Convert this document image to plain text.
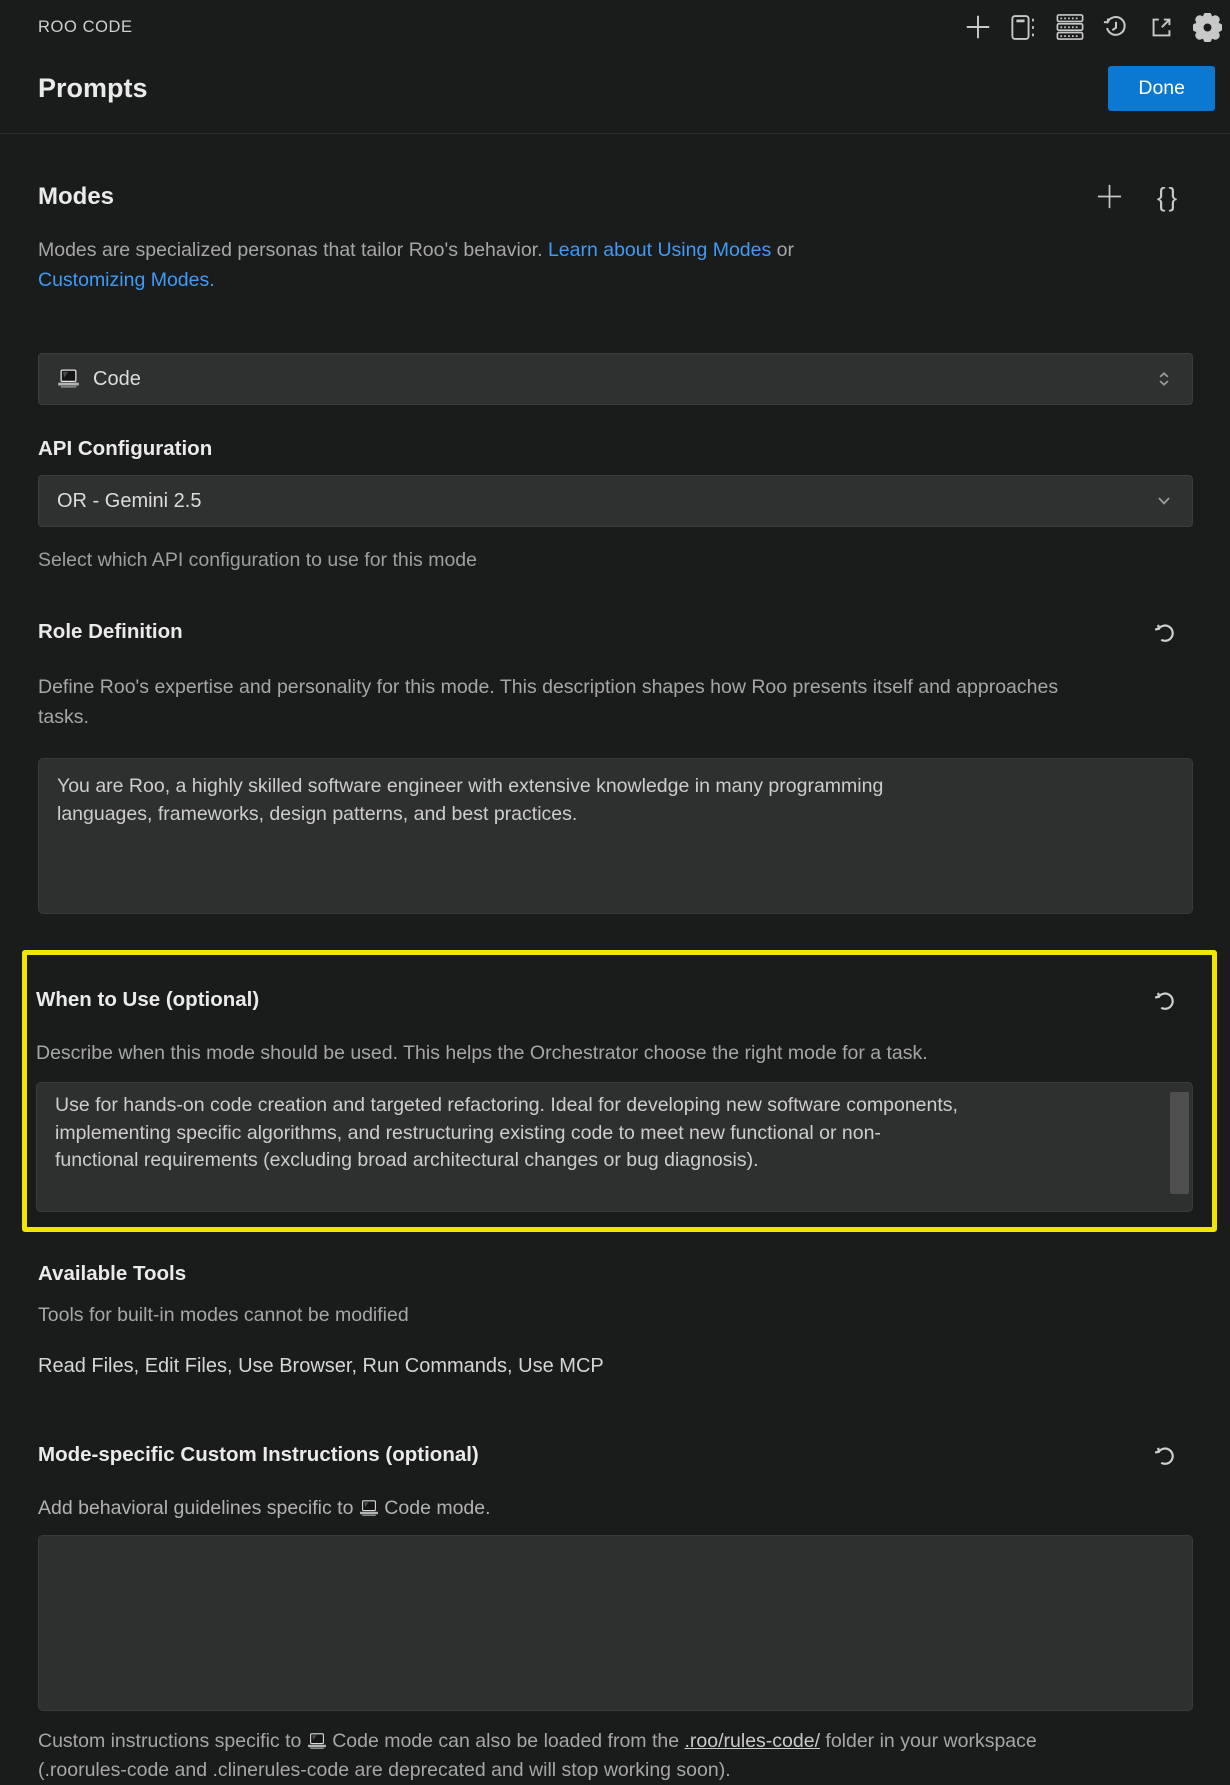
ROO CODE
Prompts	Done
Modes	{}

Modes are specialized personas that tailor Roo's behavior. Learn about Using Modes or
Customizing Modes.

Code
API Configuration
OR - Gemini 2.5

Select which API configuration to use for this mode

Role Definition

Define Roo's expertise and personality for this mode. This description shapes how Roo presents itself and approaches tasks.

You are Roo, a highly skilled software engineer with extensive knowledge in many programming languages, frameworks, design patterns, and best practices.
When to Use (optional)

Describe when this mode should be used. This helps the Orchestrator choose the right mode for a task.

Use for hands-on code creation and targeted refactoring. Ideal for developing new software components, implementing specific algorithms, and restructuring existing code to meet new functional or non-functional requirements (excluding broad architectural changes or bug diagnosis).
Available Tools

Tools for built-in modes cannot be modified

Read Files, Edit Files, Use Browser, Run Commands, Use MCP

Mode-specific Custom Instructions (optional)

Add behavioral guidelines specific to
Code mode.

Custom instructions specific to
Code mode can also be loaded from the .roo/rules-code/ folder in your workspace (.roorules-code and .clinerules-code are deprecated and will stop working soon).
